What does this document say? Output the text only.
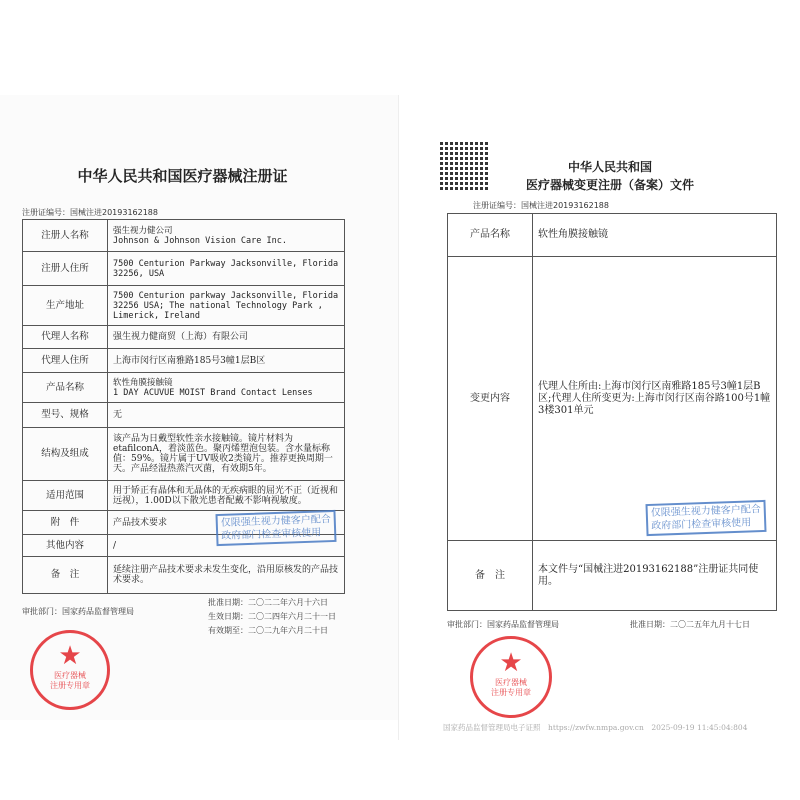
中华人民共和国医疗器械注册证
注册证编号：国械注进20193162188
注册人名称	强生视力健公司
Johnson & Johnson Vision Care Inc.
注册人住所	7500 Centurion Parkway Jacksonville, Florida 32256, USA
生产地址	7500 Centurion parkway Jacksonville, Florida 32256 USA; The national Technology Park , Limerick, Ireland
代理人名称	强生视力健商贸（上海）有限公司
代理人住所	上海市闵行区南雅路185号3幢1层B区
产品名称	软性角膜接触镜
1 DAY ACUVUE MOIST Brand Contact Lenses
型号、规格	无
结构及组成	该产品为日戴型软性亲水接触镜。镜片材料为etafilconA，着淡蓝色。聚丙烯塑泡包装。含水量标称值：59%。镜片属于UV吸收2类镜片。推荐更换周期一天。产品经湿热蒸汽灭菌，有效期5年。
适用范围	用于矫正有晶体和无晶体的无疾病眼的屈光不正（近视和远视），1.00D以下散光患者配戴不影响视敏度。
附　件	产品技术要求 仅限强生视力健客户配合
政府部门检查审核使用

其他内容	/
备　注	延续注册产品技术要求未发生变化，沿用原核发的产品技术要求。
审批部门：国家药品监督管理局
批准日期：二〇二二年六月十六日
生效日期：二〇二四年六月二十一日
有效期至：二〇二九年六月二十日
★
医疗器械
注册专用章
中华人民共和国
医疗器械变更注册（备案）文件
注册证编号：国械注进20193162188
产品名称	软性角膜接触镜
变更内容	代理人住所由:上海市闵行区南雅路185号3幢1层B区;代理人住所变更为:上海市闵行区南谷路100号1幢3楼301单元
仅限强生视力健客户配合
政府部门检查审核使用

备　注	本文件与“国械注进20193162188”注册证共同使用。
审批部门：国家药品监督管理局	批准日期：二〇二五年九月十七日
★
医疗器械
注册专用章
国家药品监督管理局电子证照　https://zwfw.nmpa.gov.cn　2025-09-19 11:45:04:804
